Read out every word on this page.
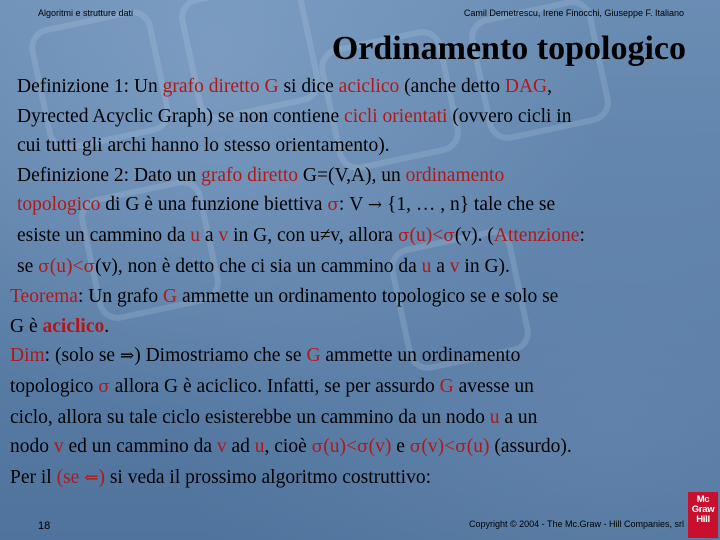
Algoritmi e strutture dati	Camil Demetrescu, Irene Finocchi, Giuseppe F. Italiano
Ordinamento topologico
Definizione 1: Un grafo diretto G si dice aciclico (anche detto DAG,
Dyrected Acyclic Graph) se non contiene cicli orientati (ovvero cicli in
cui tutti gli archi hanno lo stesso orientamento).
Definizione 2: Dato un grafo diretto G=(V,A), un ordinamento
topologico di G è una funzione biettiva σ: V → {1, … , n} tale che se
esiste un cammino da u a v in G, con u≠v, allora σ(u)<σ(v). (Attenzione:
se σ(u)<σ(v), non è detto che ci sia un cammino da u a v in G).
Teorema: Un grafo G ammette un ordinamento topologico se e solo se
G è aciclico.
Dim: (solo se ⇒) Dimostriamo che se G ammette un ordinamento
topologico σ allora G è aciclico. Infatti, se per assurdo G avesse un
ciclo, allora su tale ciclo esisterebbe un cammino da un nodo u a un
nodo v ed un cammino da v ad u, cioè σ(u)<σ(v) e σ(v)<σ(u) (assurdo).
Per il (se ⇐) si veda il prossimo algoritmo costruttivo:
18	Copyright © 2004 - The Mc.Graw - Hill Companies, srl
Mc
Graw
Hill
